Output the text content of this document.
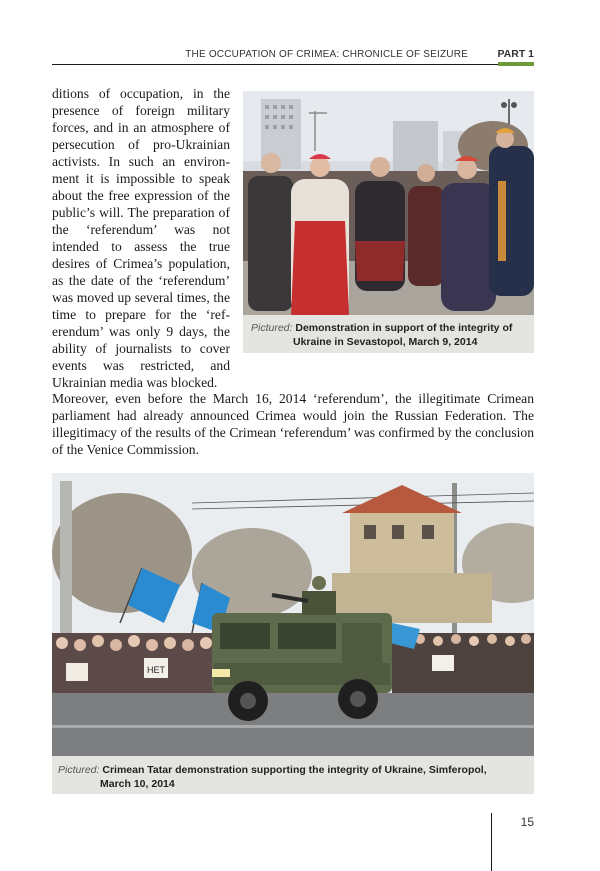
THE OCCUPATION OF CRIMEA: CHRONICLE OF SEIZURE	PART 1

ditions of occupation, in the presence of foreign military forces, and in an atmosphere of persecution of pro-Ukrainian activists. In such an environment it is impossible to speak about the free expression of the public’s will. The preparation of the ‘referendum’ was not intended to assess the true desires of Crimea’s population, as the date of the ‘referendum’ was moved up several times, the time to prepare for the ‘referendum’ was only 9 days, the ability of journalists to cover events was restricted, and Ukrainian media was blocked.

Pictured: Demonstration in support of the integrity of
Ukraine in Sevastopol, March 9, 2014

Moreover, even before the March 16, 2014 ‘referendum’, the illegitimate Crimean parliament had already announced Crimea would join the Russian Federation. The illegitimacy of the results of the Crimean ‘referendum’ was confirmed by the conclusion of the Venice Commission.

НЕТ
Pictured: Crimean Tatar demonstration supporting the integrity of Ukraine, Simferopol,
March 10, 2014
15
